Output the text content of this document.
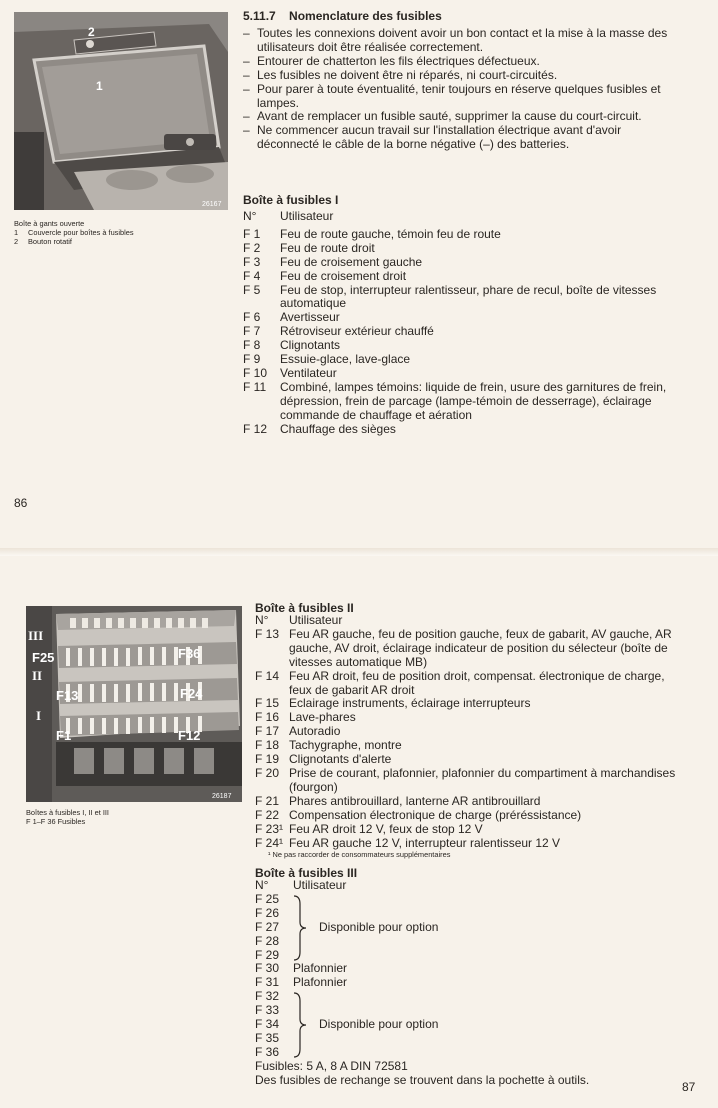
2
1
26167
Boîte à gants ouverte
1	Couvercle pour boîtes à fusibles
2	Bouton rotatif
5.11.7 Nomenclature des fusibles
– Toutes les connexions doivent avoir un bon contact et la mise à la masse des utilisateurs doit être réalisée correctement.
– Entourer de chatterton les fils électriques défectueux.
– Les fusibles ne doivent être ni réparés, ni court-circuités.
– Pour parer à toute éventualité, tenir toujours en réserve quelques fusibles et lampes.
– Avant de remplacer un fusible sauté, supprimer la cause du court-circuit.
– Ne commencer aucun travail sur l'installation électrique avant d'avoir déconnecté le câble de la borne négative (–) des batteries.
Boîte à fusibles I
N°	Utilisateur
F 1	Feu de route gauche, témoin feu de route
F 2	Feu de route droit
F 3	Feu de croisement gauche
F 4	Feu de croisement droit
F 5	Feu de stop, interrupteur ralentisseur, phare de recul, boîte de vitesses automatique
F 6	Avertisseur
F 7	Rétroviseur extérieur chauffé
F 8	Clignotants
F 9	Essuie-glace, lave-glace
F 10	Ventilateur
F 11	Combiné, lampes témoins: liquide de frein, usure des garnitures de frein, dépression, frein de parcage (lampe-témoin de desserrage), éclairage commande de chauffage et aération
F 12	Chauffage des sièges
86
III
II
I
F25	F36
F13	F24
F1	F12
26187
Boîtes à fusibles I, II et III
F 1–F 36 Fusibles
Boîte à fusibles II
N°	Utilisateur
F 13 Feu AR gauche, feu de position gauche, feux de gabarit, AV gauche, AR gauche, AV droit, éclairage indicateur de position du sélecteur (boîte de vitesses automatique MB)
F 14 Feu AR droit, feu de position droit, compensat. électronique de charge, feux de gabarit AR droit
F 15 Eclairage instruments, éclairage interrupteurs
F 16 Lave-phares
F 17 Autoradio
F 18 Tachygraphe, montre
F 19 Clignotants d'alerte
F 20 Prise de courant, plafonnier, plafonnier du compartiment à marchandises (fourgon)
F 21 Phares antibrouillard, lanterne AR antibrouillard
F 22 Compensation électronique de charge (préréssistance)
F 23¹ Feu AR droit 12 V, feux de stop 12 V
F 24¹ Feu AR gauche 12 V, interrupteur ralentisseur 12 V
¹ Ne pas raccorder de consommateurs supplémentaires
Boîte à fusibles III
N°	Utilisateur
F 25
F 26
F 27
F 28
F 29
Disponible pour option
F 30	Plafonnier
F 31	Plafonnier
F 32
F 33
F 34
F 35
F 36
Disponible pour option
Fusibles: 5 A, 8 A DIN 72581
Des fusibles de rechange se trouvent dans la pochette à outils.
87
